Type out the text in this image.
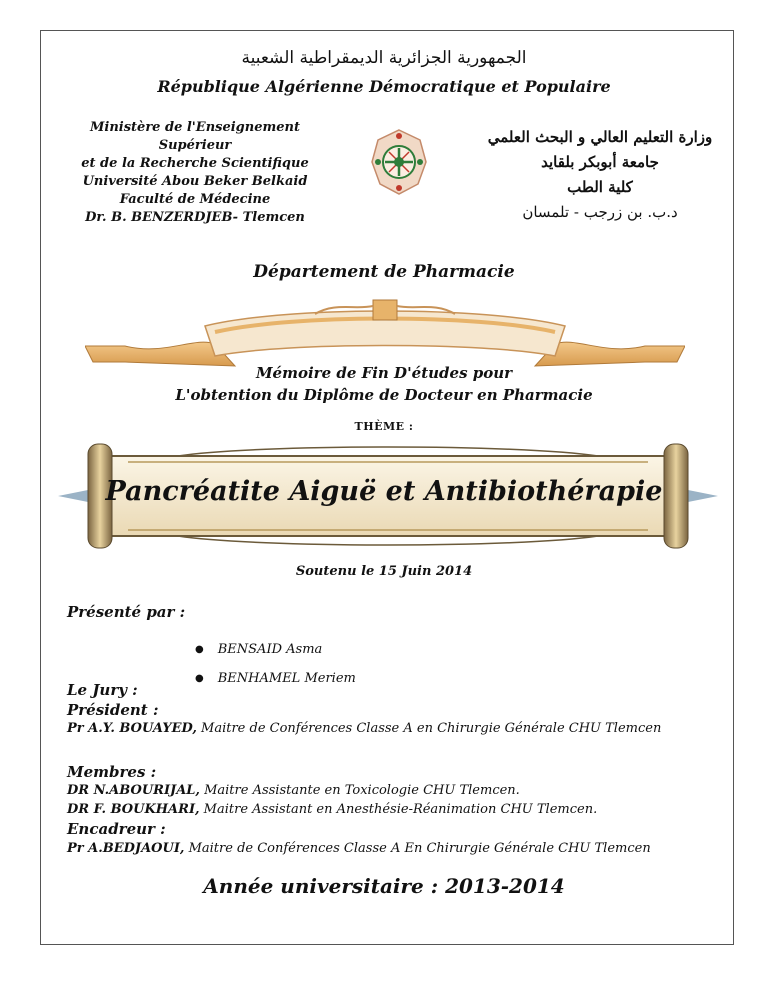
الجمهورية الجزائرية الديمقراطية الشعبية
République Algérienne Démocratique et Populaire
Ministère de l'Enseignement Supérieur
et de la Recherche Scientifique
Université Abou Beker Belkaid
Faculté de Médecine
Dr. B. BENZERDJEB- Tlemcen
وزارة التعليم العالي و البحث العلمي
جامعة أبوبكر بلقايد
كلية الطب
د.ب. بن زرجب - تلمسان
Département de Pharmacie
Mémoire de Fin D'études pour
L'obtention du Diplôme de Docteur en Pharmacie
THÈME :
Pancréatite Aiguë et Antibiothérapie
Soutenu le 15 Juin 2014
Présenté par :
● BENSAID Asma
● BENHAMEL Meriem
Le Jury :
Président :
Pr A.Y. BOUAYED, Maitre de Conférences Classe A en Chirurgie Générale CHU Tlemcen
Membres :
DR N.ABOURIJAL, Maitre Assistante en Toxicologie CHU Tlemcen.
DR F. BOUKHARI, Maitre Assistant en Anesthésie-Réanimation CHU Tlemcen.
Encadreur :
Pr A.BEDJAOUI, Maitre de Conférences Classe A En Chirurgie Générale CHU Tlemcen
Année universitaire : 2013-2014
